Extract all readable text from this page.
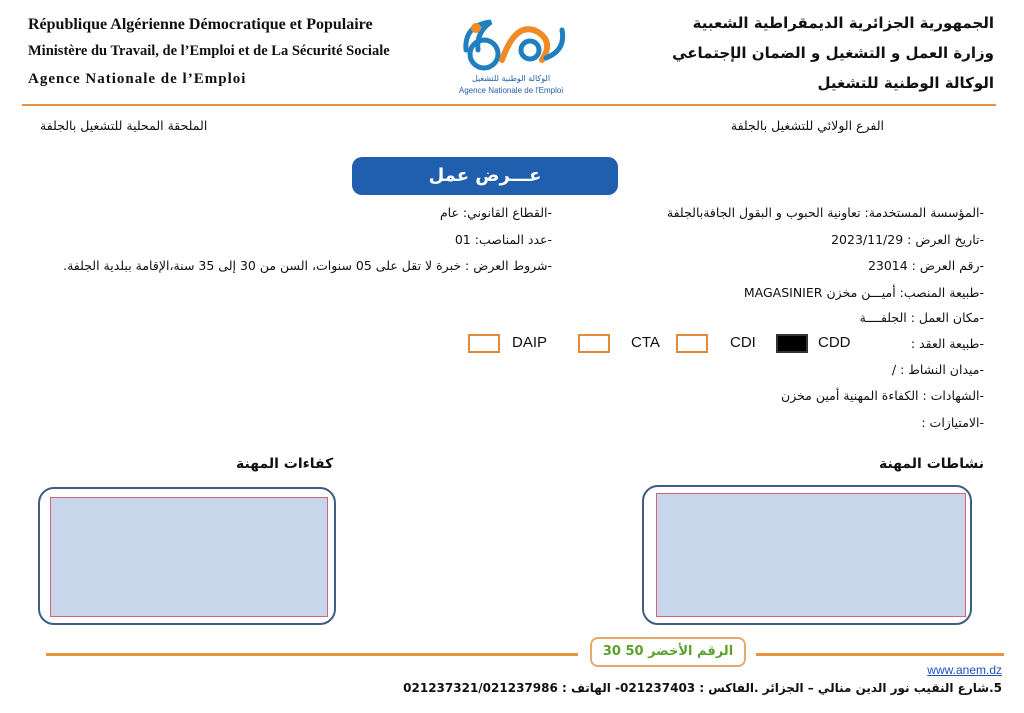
République Algérienne Démocratique et Populaire
Ministère du Travail, de l’Emploi et de La Sécurité Sociale
Agence Nationale de l’Emploi	الوكالة الوطنية للتشغيل
Agence Nationale de l'Emploi
الجمهورية الجزائرية الديمقراطية الشعبية
وزارة العمل و التشغيل و الضمان الإجتماعي
الوكالة الوطنية للتشغيل
الفرع الولائي للتشغيل بالجلفة
الملحقة المحلية للتشغيل بالجلفة
عـــرض عمل
-المؤسسة المستخدمة: تعاونية الحبوب و البقول الجافةبالجلفة
-تاريخ العرض : 2023/11/29
-رقم العرض : 23014
-طبيعة المنصب: أميـــن مخزن MAGASINIER
-مكان العمل : الجلفــــة
-طبيعة العقد :
-ميدان النشاط : /
-الشهادات : الكفاءة المهنية أمين مخزن
-الامتيازات :
-القطاع القانوني: عام
-عدد المناصب: 01
-شروط العرض : خبرة لا تقل على 05 سنوات، السن من 30 إلى 35 سنة،الإقامة ببلدية الجلفة.
CDD
CDI
CTA
DAIP
نشاطات المهنة
كفاءات المهنة
الرقم الأخضر 50 30
www.anem.dz
5.شارع النقيب نور الدين منالي – الجزائر .الفاكس : 021237403- الهاتف : 021237321/021237986
